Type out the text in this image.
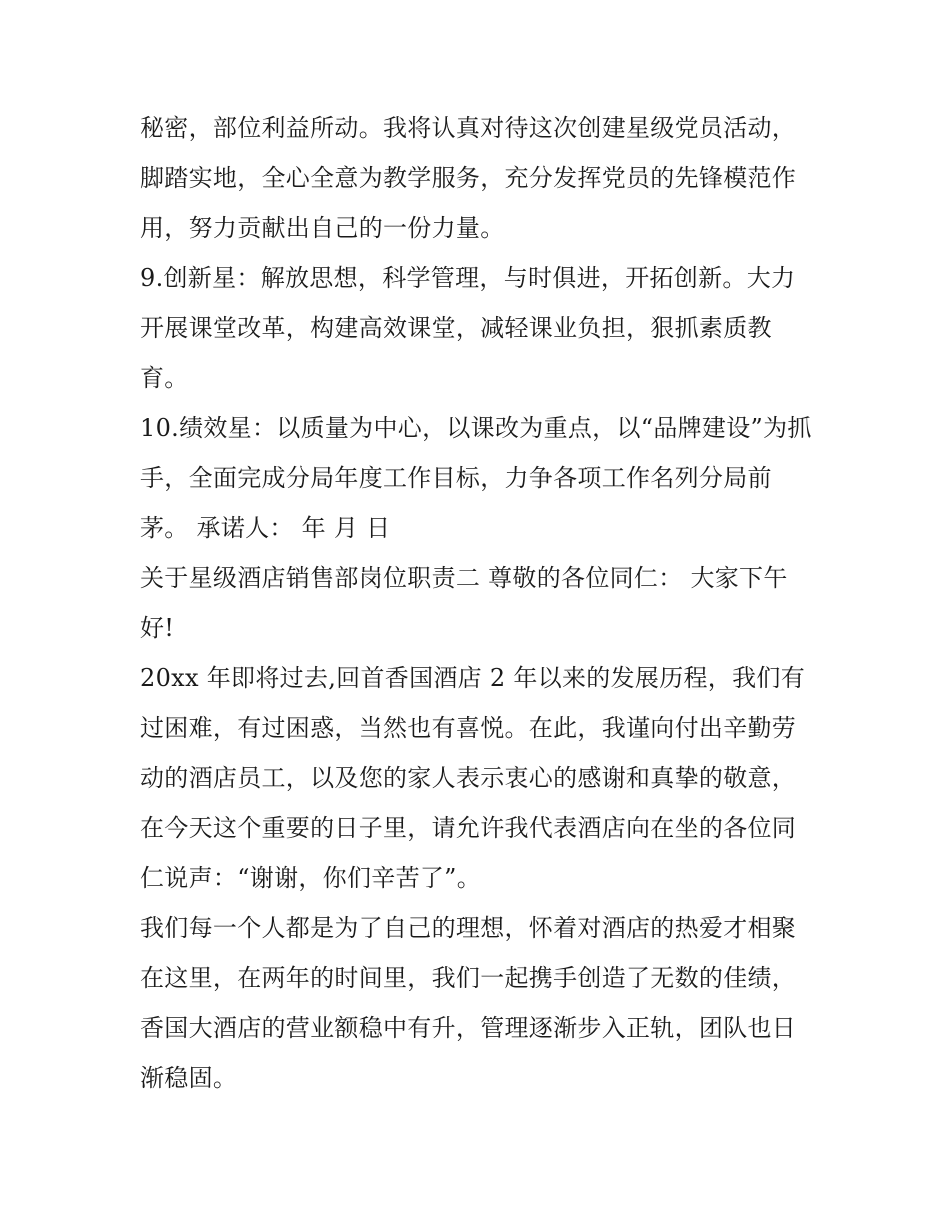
秘密，部位利益所动。我将认真对待这次创建星级党员活动，
脚踏实地，全心全意为教学服务，充分发挥党员的先锋模范作
用，努力贡献出自己的一份力量。
9.创新星：解放思想，科学管理，与时俱进，开拓创新。大力
开展课堂改革，构建高效课堂，减轻课业负担，狠抓素质教
育。
10.绩效星：以质量为中心，以课改为重点，以“品牌建设”为抓
手，全面完成分局年度工作目标，力争各项工作名列分局前
茅。 承诺人： 年 月 日
关于星级酒店销售部岗位职责二 尊敬的各位同仁： 大家下午
好!
20xx 年即将过去,回首香国酒店 2 年以来的发展历程，我们有
过困难，有过困惑，当然也有喜悦。在此，我谨向付出辛勤劳
动的酒店员工，以及您的家人表示衷心的感谢和真挚的敬意，
在今天这个重要的日子里，请允许我代表酒店向在坐的各位同
仁说声：“谢谢，你们辛苦了”。
我们每一个人都是为了自己的理想，怀着对酒店的热爱才相聚
在这里，在两年的时间里，我们一起携手创造了无数的佳绩，
香国大酒店的营业额稳中有升，管理逐渐步入正轨，团队也日
渐稳固。
